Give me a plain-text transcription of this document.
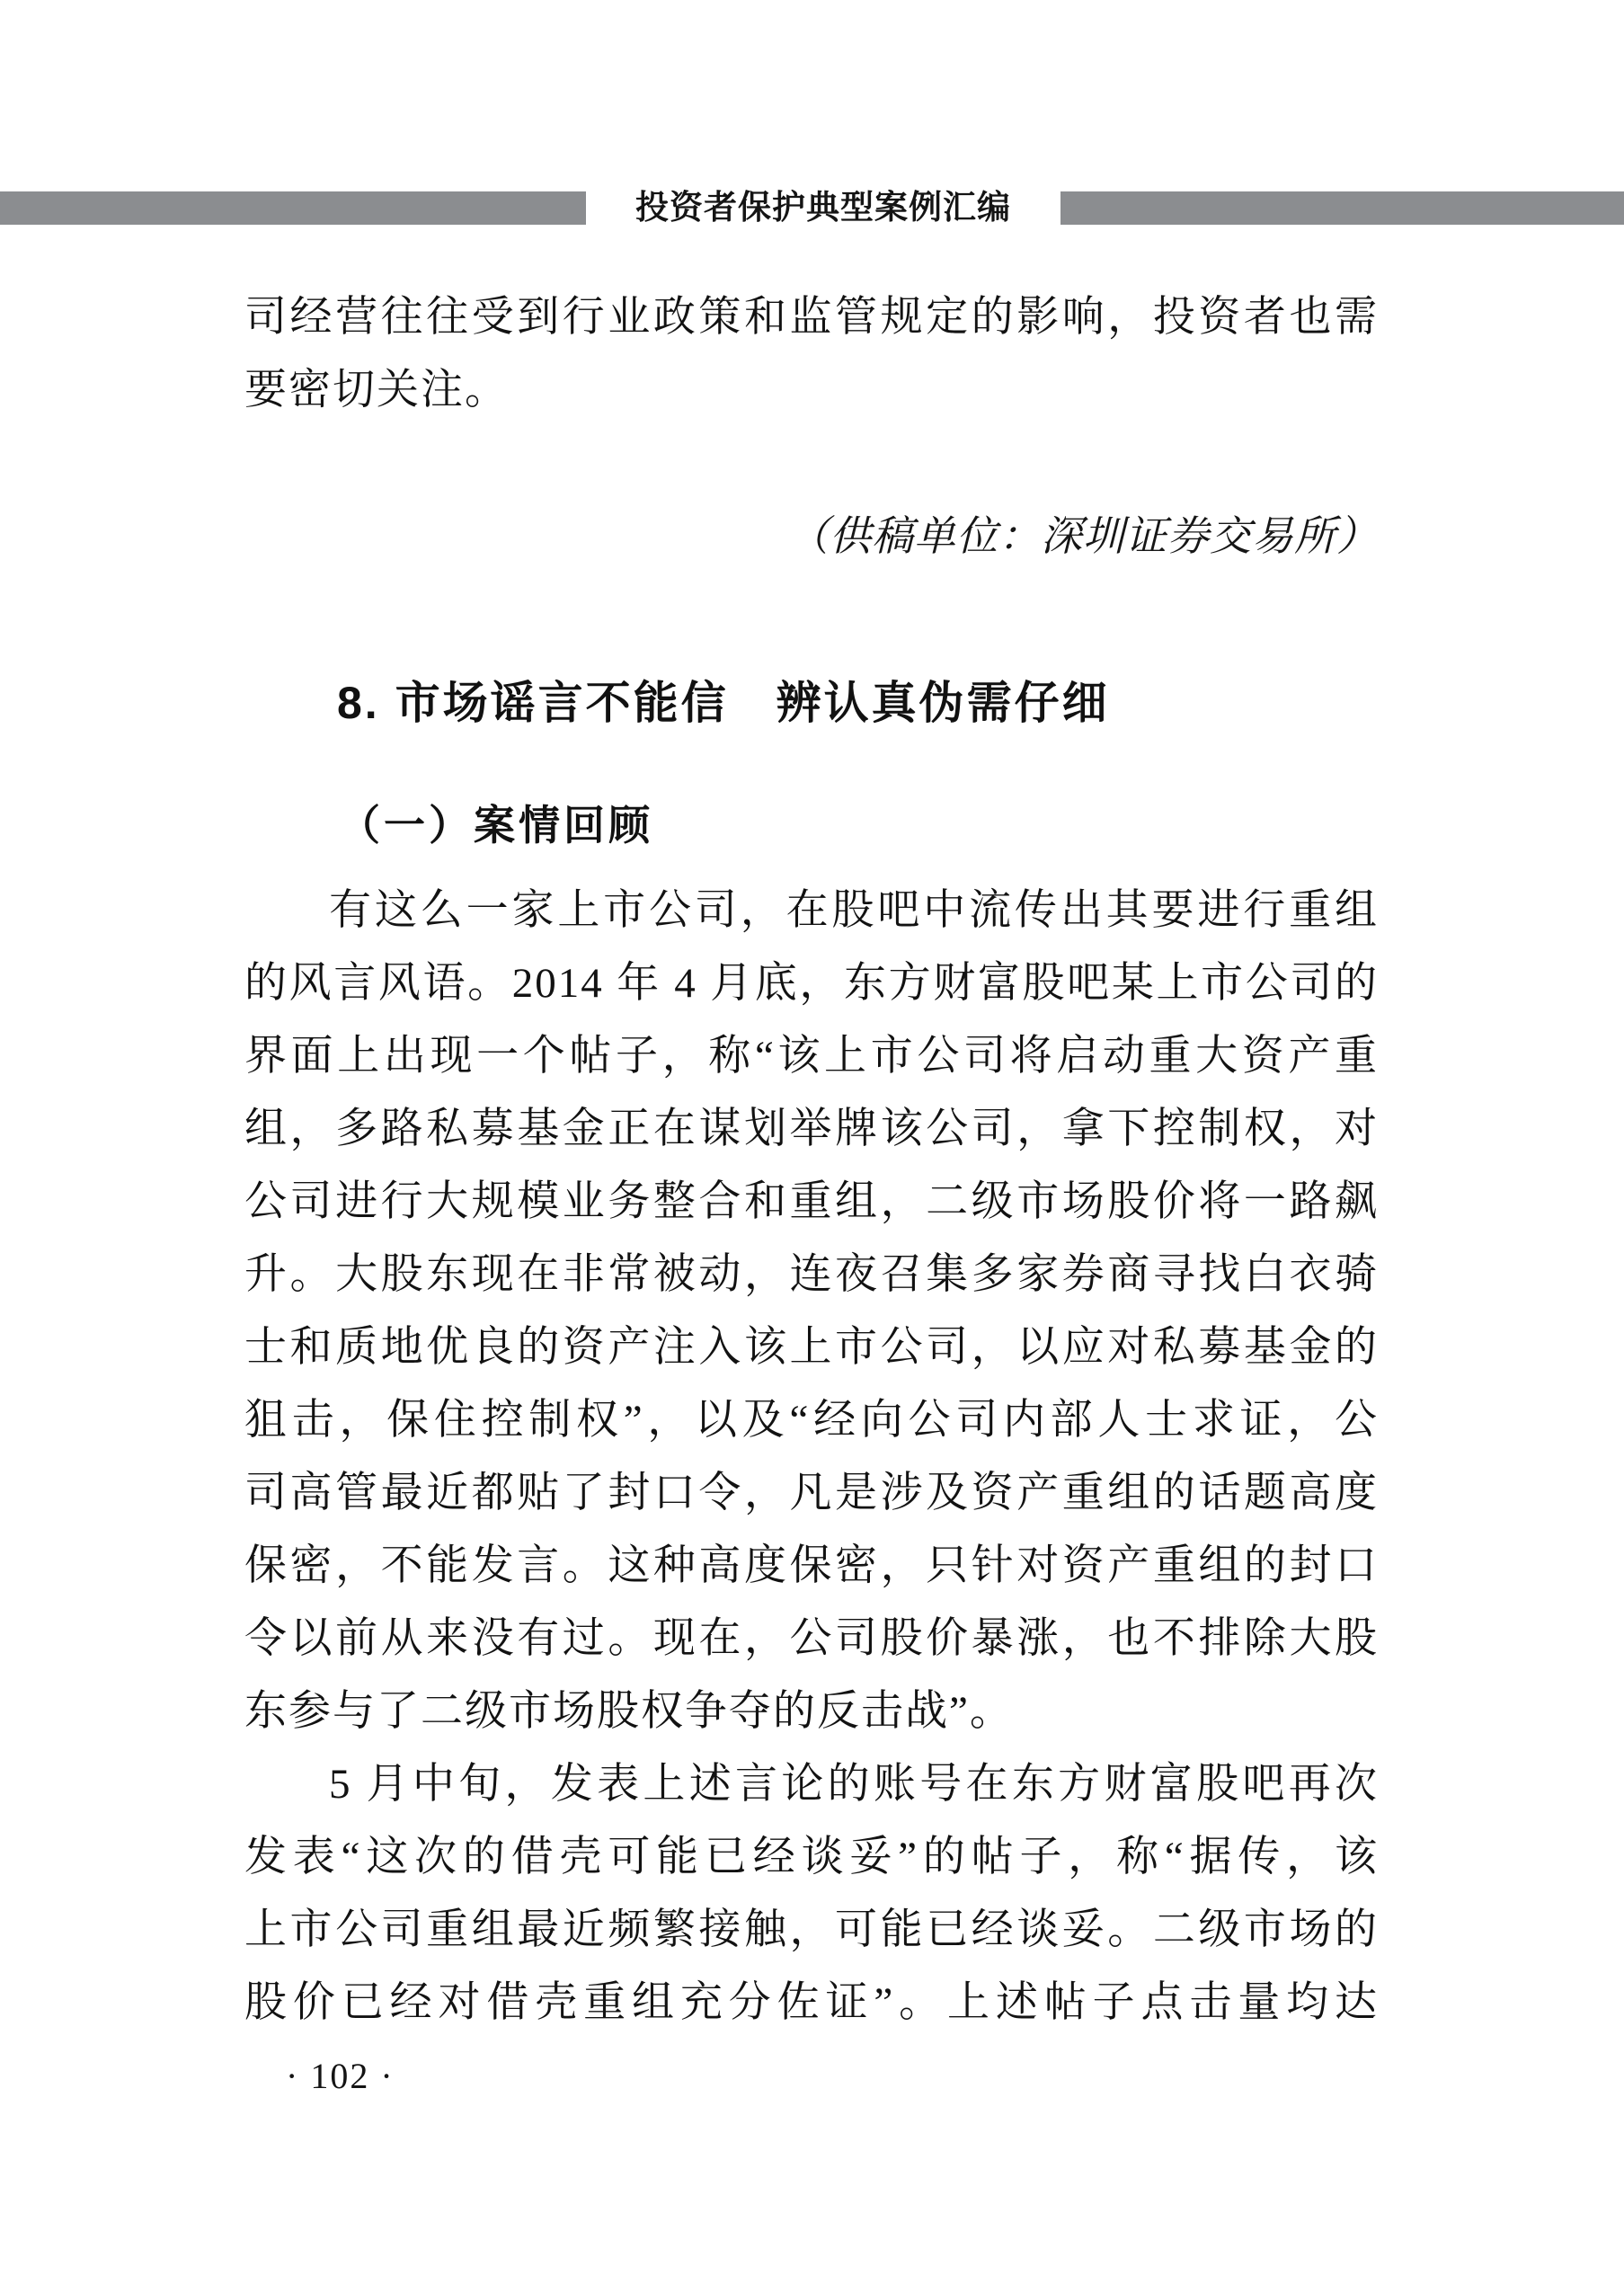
投资者保护典型案例汇编
司经营往往受到行业政策和监管规定的影响，投资者也需
要密切关注。
（供稿单位：深圳证券交易所）
8. 市场谣言不能信　辨认真伪需仔细
（一）案情回顾
有这么一家上市公司，在股吧中流传出其要进行重组
的风言风语。2014 年 4 月底，东方财富股吧某上市公司的
界面上出现一个帖子，称“该上市公司将启动重大资产重
组，多路私募基金正在谋划举牌该公司，拿下控制权，对
公司进行大规模业务整合和重组，二级市场股价将一路飙
升。大股东现在非常被动，连夜召集多家券商寻找白衣骑
士和质地优良的资产注入该上市公司，以应对私募基金的
狙击，保住控制权”，以及“经向公司内部人士求证，公
司高管最近都贴了封口令，凡是涉及资产重组的话题高度
保密，不能发言。这种高度保密，只针对资产重组的封口
令以前从来没有过。现在，公司股价暴涨，也不排除大股
东参与了二级市场股权争夺的反击战”。
5 月中旬，发表上述言论的账号在东方财富股吧再次
发表“这次的借壳可能已经谈妥”的帖子，称“据传，该
上市公司重组最近频繁接触，可能已经谈妥。二级市场的
股价已经对借壳重组充分佐证”。上述帖子点击量均达
· 102 ·
